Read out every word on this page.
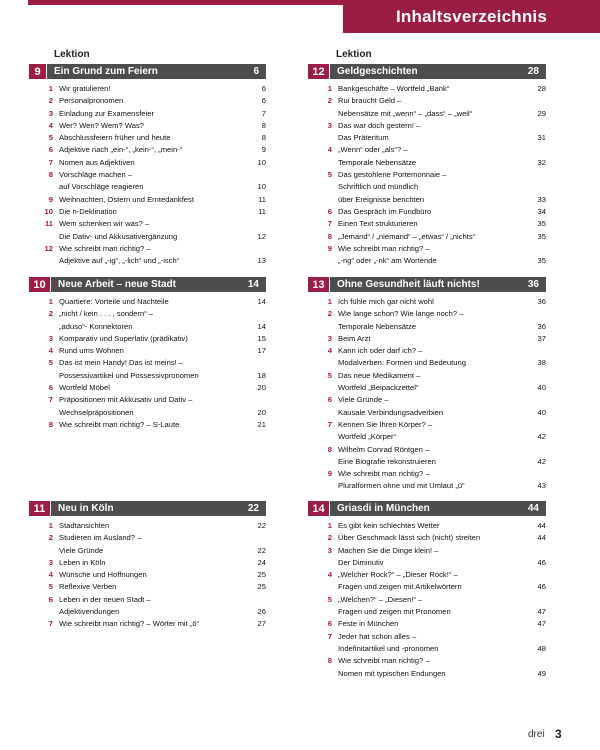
Inhaltsverzeichnis
Lektion	Lektion
9	Ein Grund zum Feiern	6
1 Wir gratulieren!	6
2 Personalpronomen	6
3 Einladung zur Examensfeier	7
4 Wer? Wen? Wem? Was?	8
5 Abschlussfeiern früher und heute	8
6 Adjektive nach „ein-“, „kein-“, „mein-“	9
7 Nomen aus Adjektiven	10
8 Vorschläge machen –
auf Vorschläge reagieren	10
9 Weihnachten, Ostern und Erntedankfest	11
10 Die n-Deklination	11
11 Wem schenken wir was? –
Die Dativ- und Akkusativergänzung	12
12 Wie schreibt man richtig? –
Adjektive auf „-ig“, „-lich“ und „-isch“	13
10	Neue Arbeit – neue Stadt	14
1 Quartiere: Vorteile und Nachteile	14
2 „nicht / kein . . . , sondern“ –
„aduso“- Konnektoren	14
3 Komparativ und Superlativ (prädikativ)	15
4 Rund ums Wohnen	17
5 Das ist mein Handy! Das ist meins! –
Possessivartikel und Possessivpronomen	18
6 Wortfeld Möbel	20
7 Präpositionen mit Akkusativ und Dativ –
Wechselpräpositionen	20
8 Wie schreibt man richtig? – S-Laute	21
11	Neu in Köln	22
1 Stadtansichten	22
2 Studieren im Ausland? –
Viele Gründe	22
3 Leben in Köln	24
4 Wünsche und Hoffnungen	25
5 Reflexive Verben	25
6 Leben in der neuen Stadt –
Adjektivendungen	26
7 Wie schreibt man richtig? – Wörter mit „ö“	27
12	Geldgeschichten	28
1 Bankgeschäfte – Wortfeld „Bank“	28
2 Rui braucht Geld –
Nebensätze mit „wenn“ – „dass“ – „weil“	29
3 Das war doch gestern! –
Das Präteritum	31
4 „Wenn“ oder „als“? –
Temporale Nebensätze	32
5 Das gestohlene Portemonnaie –
Schriftlich und mündlich
über Ereignisse berichten	33
6 Das Gespräch im Fundbüro	34
7 Einen Text strukturieren	35
8 „Jemand“ / „niemand“ – „etwas“ / „nichts“	35
9 Wie schreibt man richtig? –
„-ng“ oder „-nk“ am Wortende	35
13	Ohne Gesundheit läuft nichts!	36
1 Ich fühle mich gar nicht wohl	36
2 Wie lange schon? Wie lange noch? –
Temporale Nebensätze	36
3 Beim Arzt	37
4 Kann ich oder darf ich? –
Modalverben: Formen und Bedeutung	38
5 Das neue Medikament –
Wortfeld „Beipackzettel“	40
6 Viele Gründe –
Kausale Verbindungsadverbien	40
7 Kennen Sie Ihren Körper? –
Wortfeld „Körper“	42
8 Wilhelm Conrad Röntgen –
Eine Biografie rekonstruieren	42
9 Wie schreibt man richtig? –
Pluralformen ohne und mit Umlaut „ü“	43
14	Griasdi in München	44
1 Es gibt kein schlechtes Wetter	44
2 Über Geschmack lässt sich (nicht) streiten	44
3 Machen Sie die Dinge klein! –
Der Diminutiv	46
4 „Welcher Rock?“ – „Dieser Rock!“ –
Fragen und zeigen mit Artikelwörtern	46
5 „Welchen?“ – „Diesen!“ –
Fragen und zeigen mit Pronomen	47
6 Feste in München	47
7 Jeder hat schon alles –
Indefinitartikel und -pronomen	48
8 Wie schreibt man richtig? –
Nomen mit typischen Endungen	49
drei 3
